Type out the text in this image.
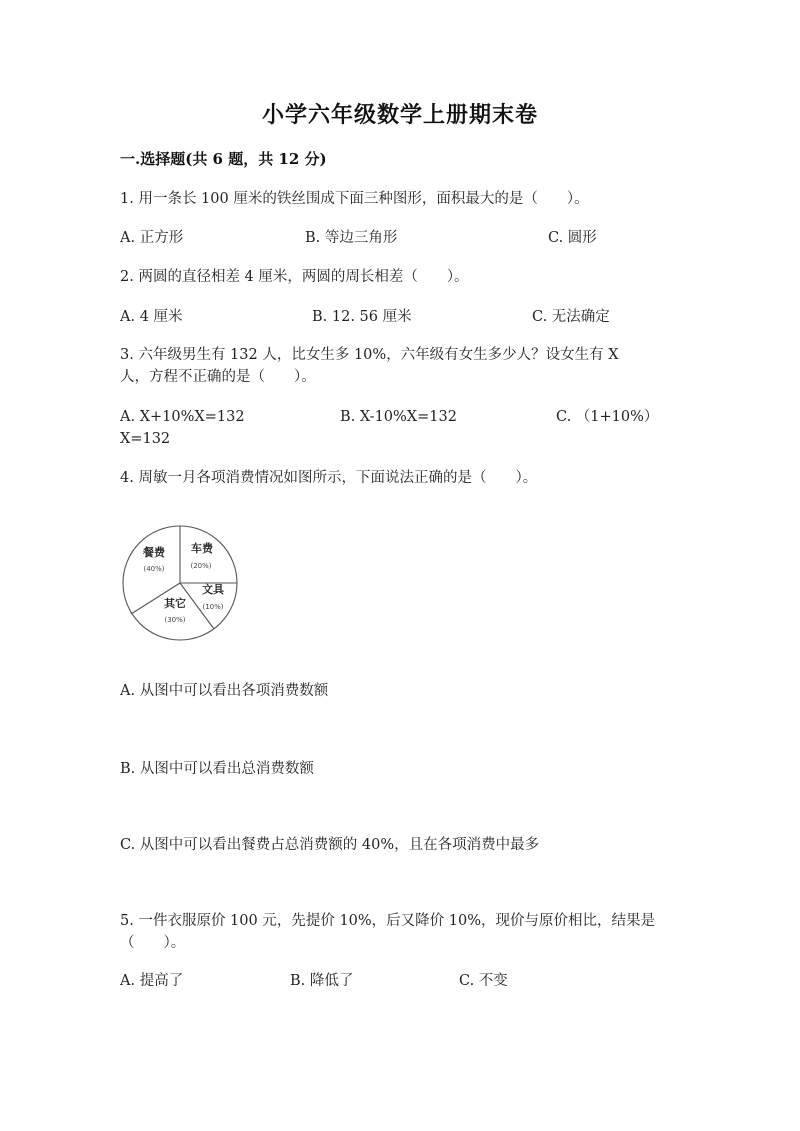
小学六年级数学上册期末卷
一.选择题(共 6 题，共 12 分)
1. 用一条长 100 厘米的铁丝围成下面三种图形，面积最大的是（　　）。
A. 正方形	B. 等边三角形	C. 圆形
2. 两圆的直径相差 4 厘米，两圆的周长相差（　　）。
A. 4 厘米	B. 12. 56 厘米	C. 无法确定
3. 六年级男生有 132 人，比女生多 10%，六年级有女生多少人？设女生有 X
人，方程不正确的是（　　）。
A. X+10%X=132	B. X-10%X=132	C. （1+10%）
X=132
4. 周敏一月各项消费情况如图所示，下面说法正确的是（　　）。
餐费
(40%)
车费
(20%)
文具
(10%)
其它
(30%)
A. 从图中可以看出各项消费数额
B. 从图中可以看出总消费数额
C. 从图中可以看出餐费占总消费额的 40%，且在各项消费中最多
5. 一件衣服原价 100 元，先提价 10%，后又降价 10%，现价与原价相比，结果是
（　　）。
A. 提高了	B. 降低了	C. 不变
